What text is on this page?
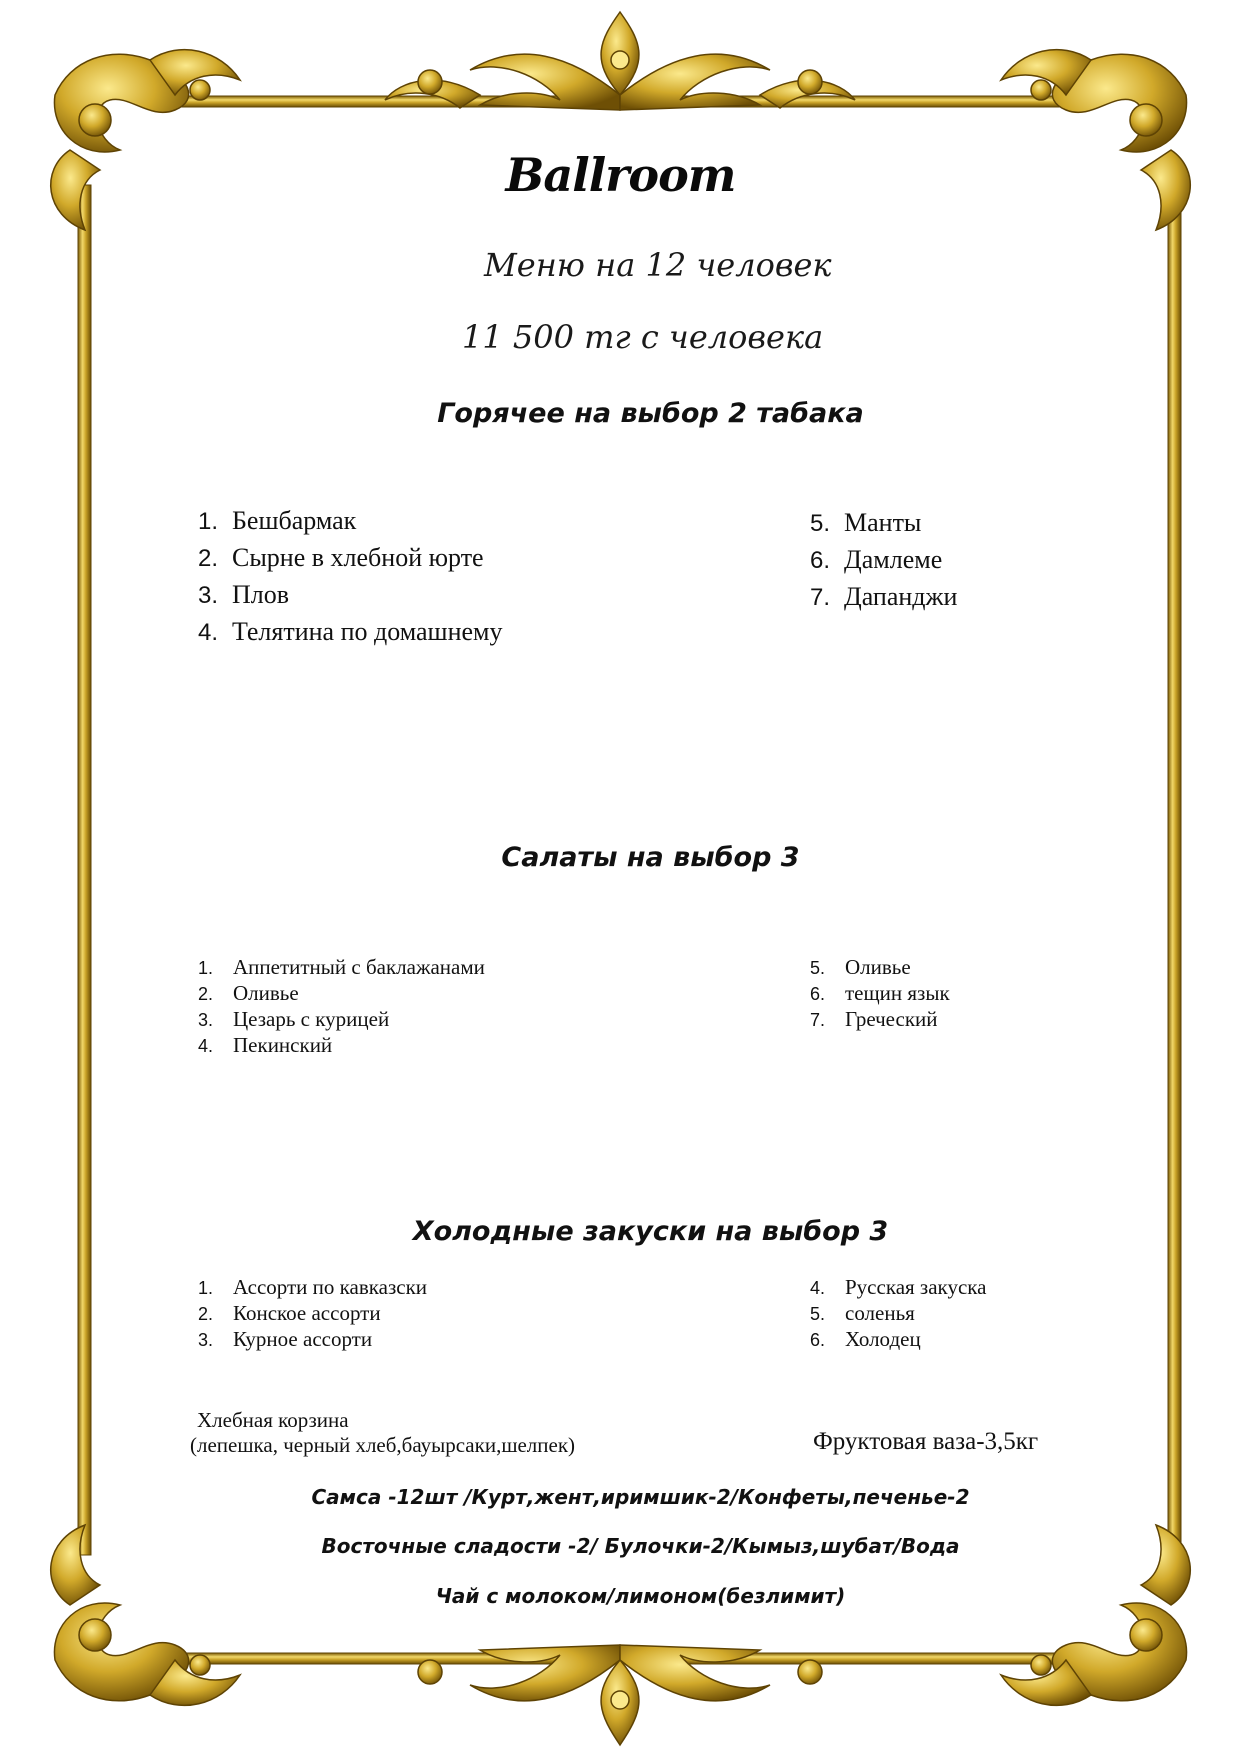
Ballroom
Меню на 12 человек
11 500 тг с человека
Горячее на выбор 2 табака
1. Бешбармак
2. Сырне в хлебной юрте
3. Плов
4. Телятина по домашнему
5. Манты
6. Дамлеме
7. Дапанджи
Салаты на выбор 3
1. Аппетитный с баклажанами
2. Оливье
3. Цезарь с курицей
4. Пекинский
5. Оливье
6. тещин язык
7. Греческий
Холодные закуски на выбор 3
1. Ассорти по кавказски
2. Конское ассорти
3. Курное ассорти
4. Русская закуска
5. соленья
6. Холодец
Хлебная корзина
(лепешка, черный хлеб,бауырсаки,шелпек)	Фруктовая ваза-3,5кг
Самса -12шт /Курт,жент,иримшик-2/Конфеты,печенье-2
Восточные сладости -2/ Булочки-2/Кымыз,шубат/Вода
Чай с молоком/лимоном(безлимит)
